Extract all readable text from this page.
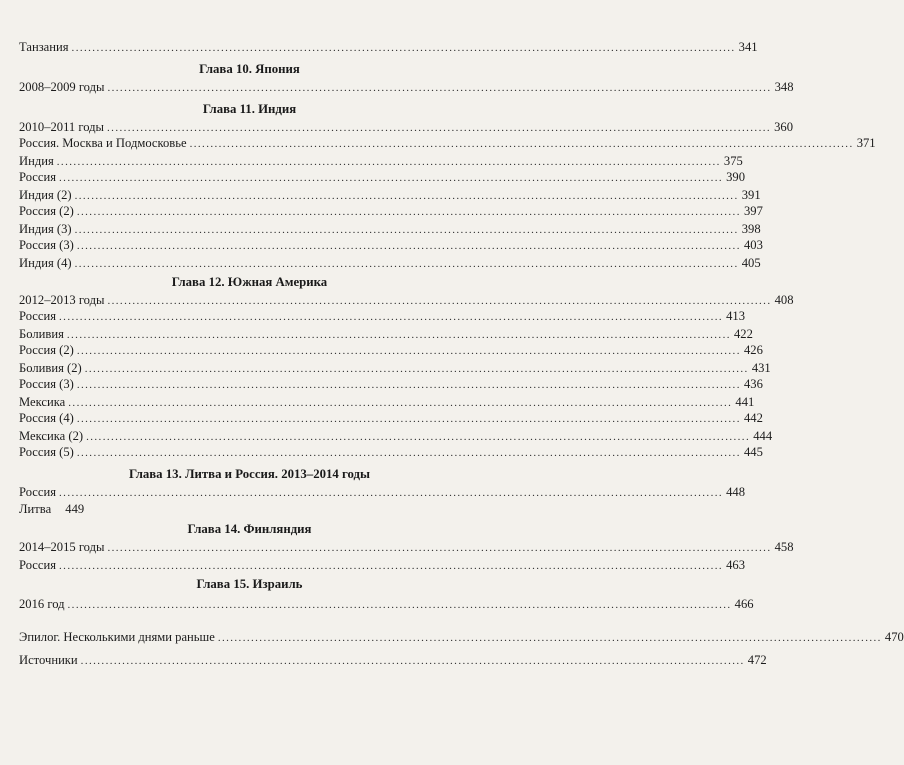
Танзания ................................................................................................................................................................ 341
Глава 10. Япония
2008–2009 годы ................................................................................................................................................................ 348
Глава 11. Индия
2010–2011 годы ................................................................................................................................................................ 360
Россия. Москва и Подмосковье ................................................................................................................................................................ 371
Индия ................................................................................................................................................................ 375
Россия ................................................................................................................................................................ 390
Индия (2) ................................................................................................................................................................ 391
Россия (2) ................................................................................................................................................................ 397
Индия (3) ................................................................................................................................................................ 398
Россия (3) ................................................................................................................................................................ 403
Индия (4) ................................................................................................................................................................ 405
Глава 12. Южная Америка
2012–2013 годы ................................................................................................................................................................ 408
Россия ................................................................................................................................................................ 413
Боливия ................................................................................................................................................................ 422
Россия (2) ................................................................................................................................................................ 426
Боливия (2) ................................................................................................................................................................ 431
Россия (3) ................................................................................................................................................................ 436
Мексика ................................................................................................................................................................ 441
Россия (4) ................................................................................................................................................................ 442
Мексика (2) ................................................................................................................................................................ 444
Россия (5) ................................................................................................................................................................ 445
Глава 13. Литва и Россия. 2013–2014 годы
Россия ................................................................................................................................................................ 448
Литва	449
Глава 14. Финляндия
2014–2015 годы ................................................................................................................................................................ 458
Россия ................................................................................................................................................................ 463
Глава 15. Израиль
2016 год ................................................................................................................................................................ 466
Эпилог. Несколькими днями раньше ................................................................................................................................................................ 470
Источники ................................................................................................................................................................ 472
